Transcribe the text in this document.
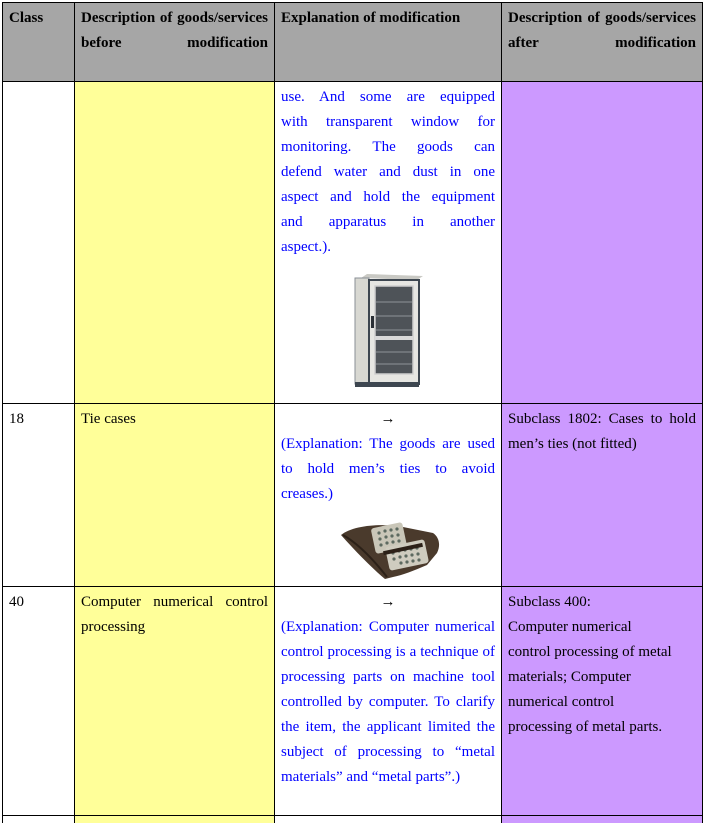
Class	Description of goods/services before modification
	Explanation of modification	Description of goods/services after modification

use. And some are equipped
with transparent window for
monitoring. The goods can
defend water and dust in one
aspect and hold the equipment
and apparatus in another
aspect.).

18	Tie cases	→
(Explanation: The goods are used to hold men’s ties to avoid creases.)
	Subclass 1802: Cases to hold men’s ties (not fitted)
40	Computer numerical control processing	
→
(Explanation: Computer numerical control processing is a technique of processing parts on machine tool controlled by computer. To clarify the item, the applicant limited the subject of processing to “metal materials” and “metal parts”.)

Subclass 400:
Computer numerical
control processing of metal
materials; Computer
numerical control
processing of metal parts.
